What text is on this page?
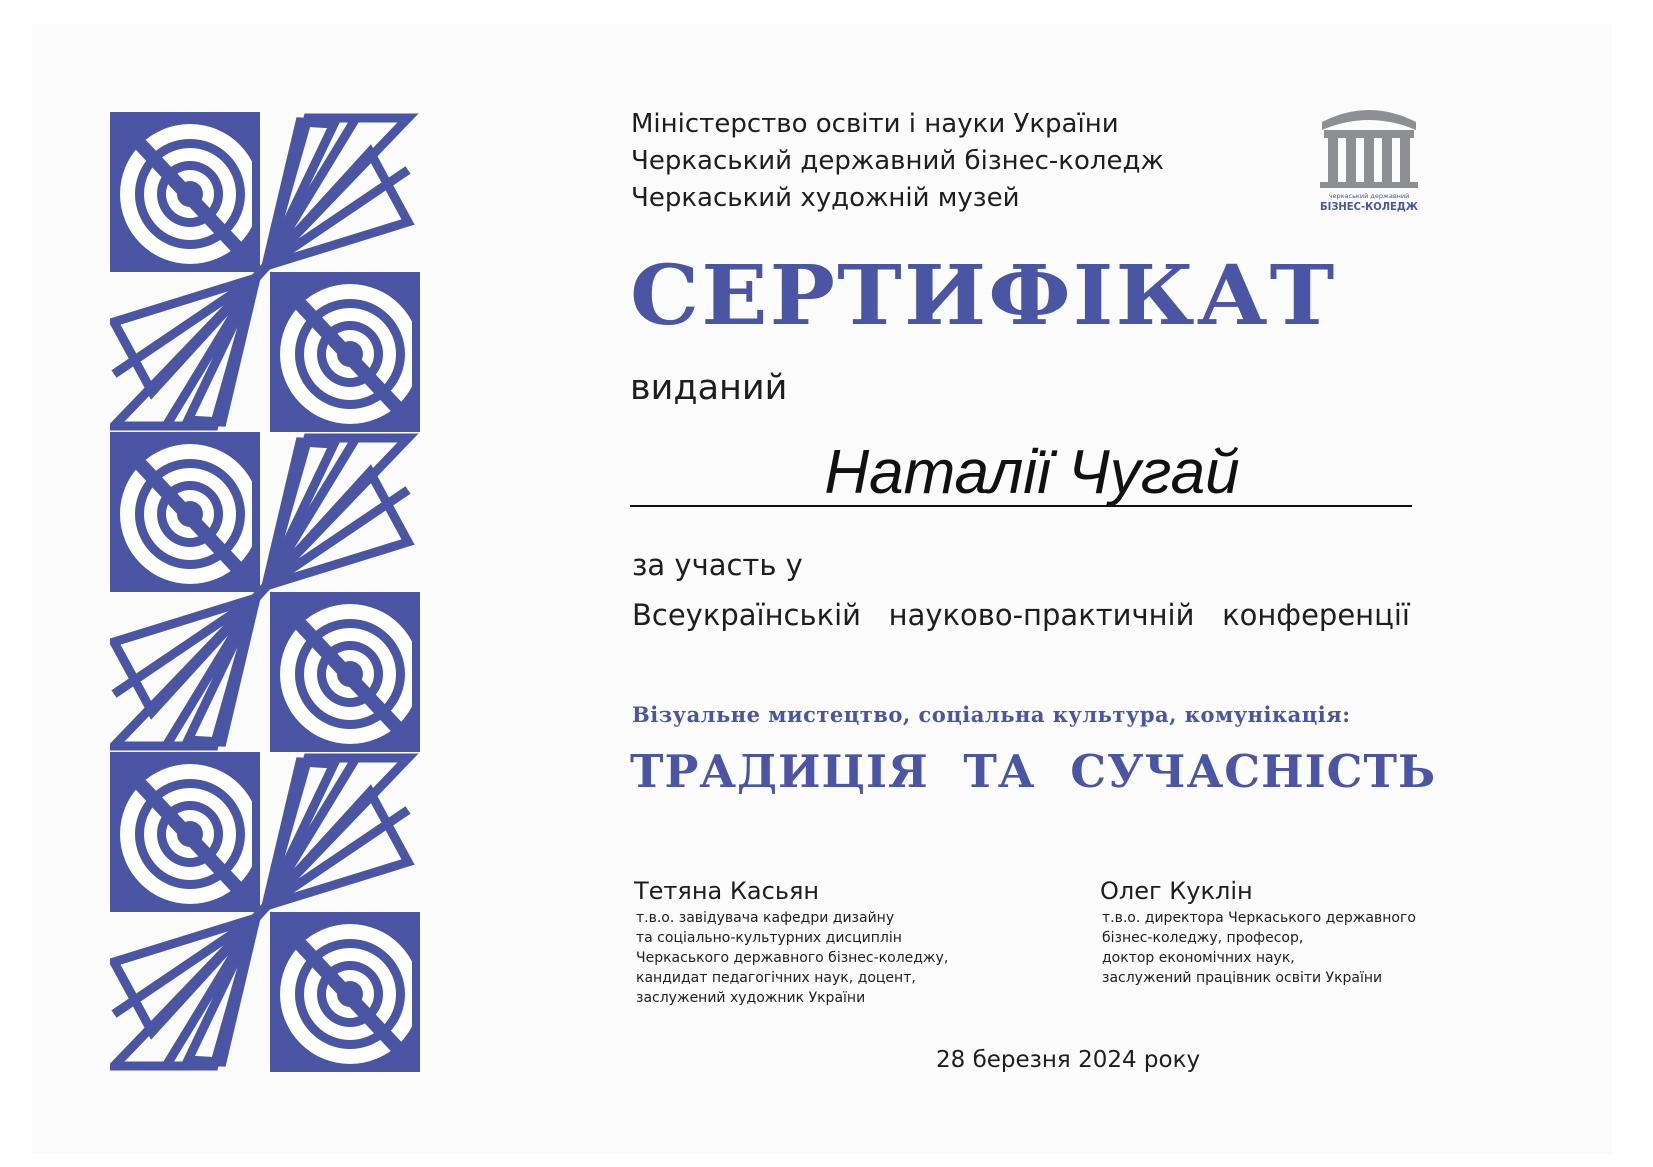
Міністерство освіти і науки України
Черкаський державний бізнес-коледж
Черкаський художній музей	черкаський державний
БІЗНЕС-КОЛЕДЖ
СЕРТИФІКАТ
виданий
Наталії Чугай
за участь у
Всеукраїнській науково-практичній конференції
Візуальне мистецтво, соціальна культура, комунікація:
ТРАДИЦІЯ ТА СУЧАСНІСТЬ
Тетяна Касьян
т.в.о. завідувача кафедри дизайну
та соціально-культурних дисциплін
Черкаського державного бізнес-коледжу,
кандидат педагогічних наук, доцент,
заслужений художник України
Олег Куклін
т.в.о. директора Черкаського державного
бізнес-коледжу, професор,
доктор економічних наук,
заслужений працівник освіти України
28 березня 2024 року
